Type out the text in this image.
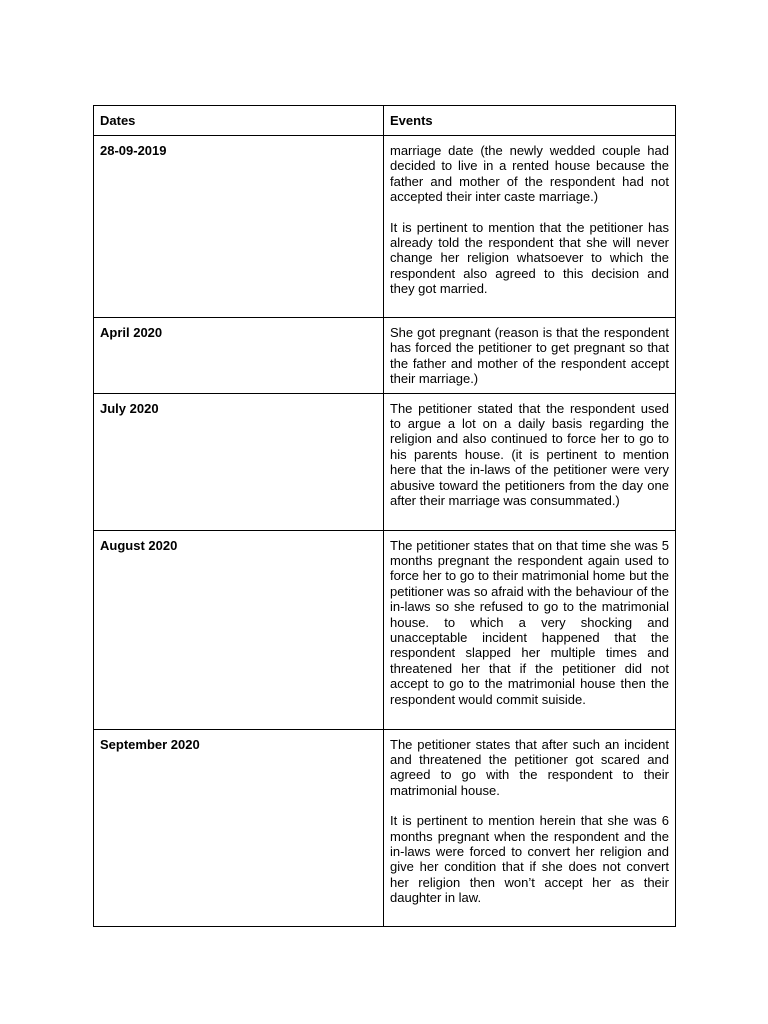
Dates	Events
28-09-2019	marriage date (the newly wedded couple had decided to live in a rented house because the father and mother of the respondent had not accepted their inter caste marriage.)

It is pertinent to mention that the petitioner has already told the respondent that she will never change her religion whatsoever to which the respondent also agreed to this decision and they got married.

April 2020	She got pregnant (reason is that the respondent has forced the petitioner to get pregnant so that the father and mother of the respondent accept their marriage.)

July 2020	The petitioner stated that the respondent used to argue a lot on a daily basis regarding the religion and also continued to force her to go to his parents house. (it is pertinent to mention here that the in-laws of the petitioner were very abusive toward the petitioners from the day one after their marriage was consummated.)

August 2020	The petitioner states that on that time she was 5 months pregnant the respondent again used to force her to go to their matrimonial home but the petitioner was so afraid with the behaviour of the in-laws so she refused to go to the matrimonial house. to which a very shocking and unacceptable incident happened that the respondent slapped her multiple times and threatened her that if the petitioner did not accept to go to the matrimonial house then the respondent would commit suiside.

September 2020	The petitioner states that after such an incident and threatened the petitioner got scared and agreed to go with the respondent to their matrimonial house.

It is pertinent to mention herein that she was 6 months pregnant when the respondent and the in-laws were forced to convert her religion and give her condition that if she does not convert her religion then won’t accept her as their daughter in law.
